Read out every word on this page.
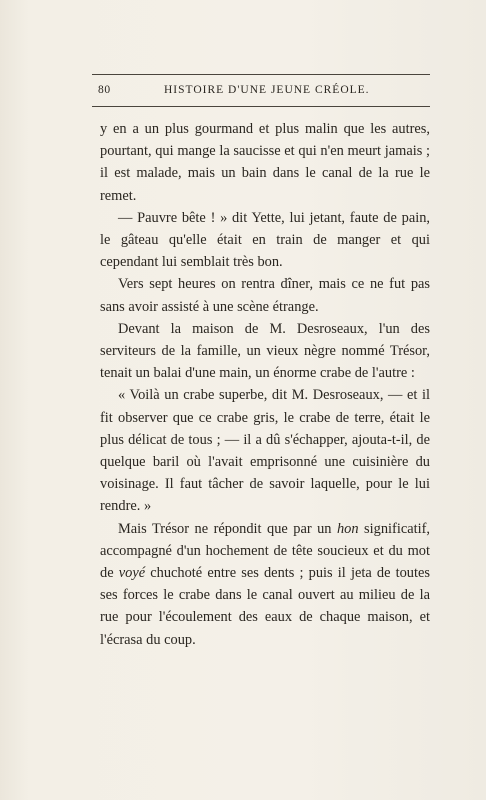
80	HISTOIRE D'UNE JEUNE CRÉOLE.

y en a un plus gourmand et plus malin que les autres, pourtant, qui mange la saucisse et qui n'en meurt jamais ; il est malade, mais un bain dans le canal de la rue le remet.

— Pauvre bête ! » dit Yette, lui jetant, faute de pain, le gâteau qu'elle était en train de manger et qui cependant lui semblait très bon.

Vers sept heures on rentra dîner, mais ce ne fut pas sans avoir assisté à une scène étrange.

Devant la maison de M. Desroseaux, l'un des serviteurs de la famille, un vieux nègre nommé Trésor, tenait un balai d'une main, un énorme crabe de l'autre :

« Voilà un crabe superbe, dit M. Desroseaux, — et il fit observer que ce crabe gris, le crabe de terre, était le plus délicat de tous ; — il a dû s'échapper, ajouta-t-il, de quelque baril où l'avait emprisonné une cuisinière du voisinage. Il faut tâcher de savoir laquelle, pour le lui rendre. »

Mais Trésor ne répondit que par un hon significatif, accompagné d'un hochement de tête soucieux et du mot de voyé chuchoté entre ses dents ; puis il jeta de toutes ses forces le crabe dans le canal ouvert au milieu de la rue pour l'écoulement des eaux de chaque maison, et l'écrasa du coup.
